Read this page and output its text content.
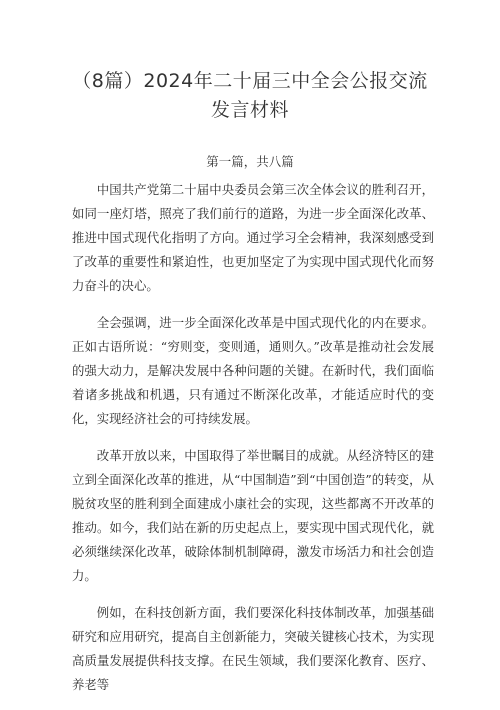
（8篇）2024年二十届三中全会公报交流
发言材料
第一篇，共八篇

中国共产党第二十届中央委员会第三次全体会议的胜利召开，如同一座灯塔，照亮了我们前行的道路，为进一步全面深化改革、推进中国式现代化指明了方向。通过学习全会精神，我深刻感受到了改革的重要性和紧迫性，也更加坚定了为实现中国式现代化而努力奋斗的决心。

全会强调，进一步全面深化改革是中国式现代化的内在要求。正如古语所说：“穷则变，变则通，通则久。”改革是推动社会发展的强大动力，是解决发展中各种问题的关键。在新时代，我们面临着诸多挑战和机遇，只有通过不断深化改革，才能适应时代的变化，实现经济社会的可持续发展。

改革开放以来，中国取得了举世瞩目的成就。从经济特区的建立到全面深化改革的推进，从“中国制造”到“中国创造”的转变，从脱贫攻坚的胜利到全面建成小康社会的实现，这些都离不开改革的推动。如今，我们站在新的历史起点上，要实现中国式现代化，就必须继续深化改革，破除体制机制障碍，激发市场活力和社会创造力。

例如，在科技创新方面，我们要深化科技体制改革，加强基础研究和应用研究，提高自主创新能力，突破关键核心技术，为实现高质量发展提供科技支撑。在民生领域，我们要深化教育、医疗、养老等
